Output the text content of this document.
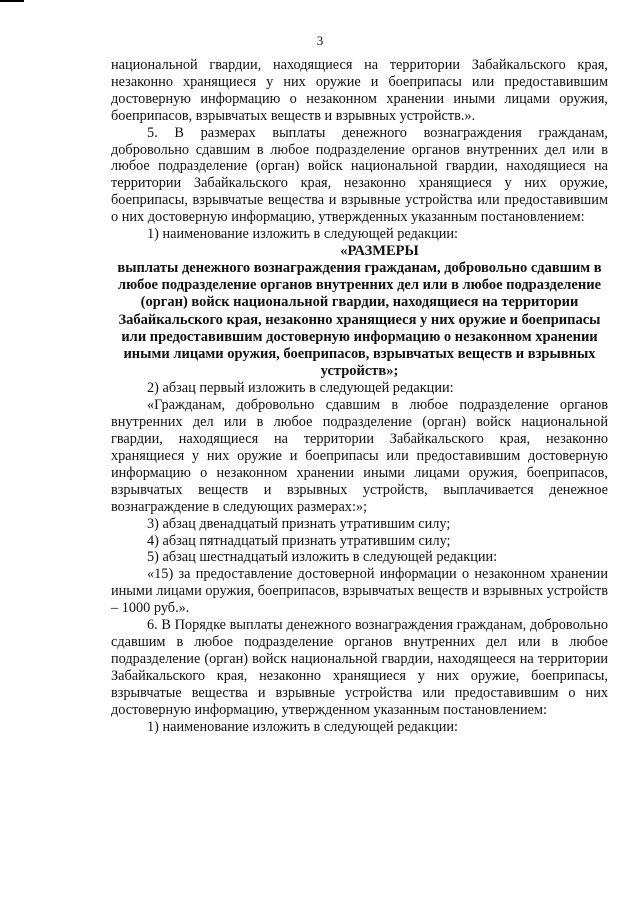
3

национальной гвардии, находящиеся на территории Забайкальского края, незаконно хранящиеся у них оружие и боеприпасы или предоставившим достоверную информацию о незаконном хранении иными лицами оружия, боеприпасов, взрывчатых веществ и взрывных устройств.».

5. В размерах выплаты денежного вознаграждения гражданам, добровольно сдавшим в любое подразделение органов внутренних дел или в любое подразделение (орган) войск национальной гвардии, находящиеся на территории Забайкальского края, незаконно хранящиеся у них оружие, боеприпасы, взрывчатые вещества и взрывные устройства или предоставившим о них достоверную информацию, утвержденных указанным постановлением:

1) наименование изложить в следующей редакции:

«РАЗМЕРЫ

выплаты денежного вознаграждения гражданам, добровольно сдавшим в любое подразделение органов внутренних дел или в любое подразделение (орган) войск национальной гвардии, находящиеся на территории Забайкальского края, незаконно хранящиеся у них оружие и боеприпасы или предоставившим достоверную информацию о незаконном хранении иными лицами оружия, боеприпасов, взрывчатых веществ и взрывных устройств»;

2) абзац первый изложить в следующей редакции:

«Гражданам, добровольно сдавшим в любое подразделение органов внутренних дел или в любое подразделение (орган) войск национальной гвардии, находящиеся на территории Забайкальского края, незаконно хранящиеся у них оружие и боеприпасы или предоставившим достоверную информацию о незаконном хранении иными лицами оружия, боеприпасов, взрывчатых веществ и взрывных устройств, выплачивается денежное вознаграждение в следующих размерах:»;

3) абзац двенадцатый признать утратившим силу;

4) абзац пятнадцатый признать утратившим силу;

5) абзац шестнадцатый изложить в следующей редакции:

«15) за предоставление достоверной информации о незаконном хранении иными лицами оружия, боеприпасов, взрывчатых веществ и взрывных устройств – 1000 руб.».

6. В Порядке выплаты денежного вознаграждения гражданам, добровольно сдавшим в любое подразделение органов внутренних дел или в любое подразделение (орган) войск национальной гвардии, находящееся на территории Забайкальского края, незаконно хранящиеся у них оружие, боеприпасы, взрывчатые вещества и взрывные устройства или предоставившим о них достоверную информацию, утвержденном указанным постановлением:

1) наименование изложить в следующей редакции:
